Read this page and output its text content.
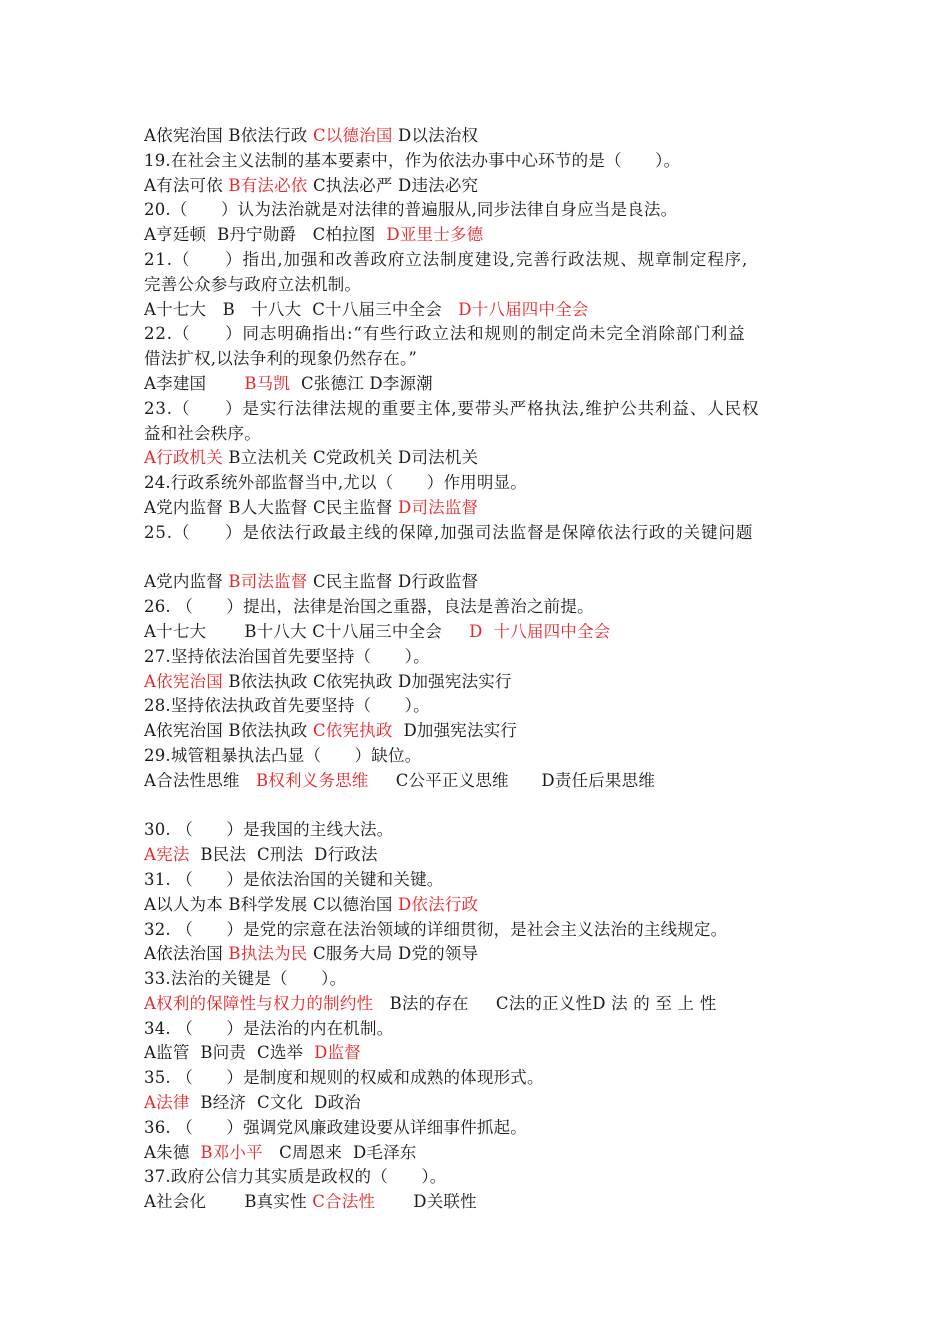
A依宪治国 B依法行政 C以德治国 D以法治权
19.在社会主义法制的基本要素中，作为依法办事中心环节的是（　　）。
A有法可依 B有法必依 C执法必严 D违法必究
20.（　　）认为法治就是对法律的普遍服从,同步法律自身应当是良法。
A亨廷顿  B丹宁勋爵   C柏拉图  D亚里士多德
21.（　　）指出,加强和改善政府立法制度建设,完善行政法规、规章制定程序,
完善公众参与政府立法机制。
A十七大   B   十八大  C十八届三中全会   D十八届四中全会
22.（　　）同志明确指出:“有些行政立法和规则的制定尚未完全消除部门利益
借法扩权,以法争利的现象仍然存在。”
A李建国       B马凯  C张德江 D李源潮
23.（　　）是实行法律法规的重要主体,要带头严格执法,维护公共利益、人民权
益和社会秩序。
A行政机关 B立法机关 C党政机关 D司法机关
24.行政系统外部监督当中,尤以（　　）作用明显。
A党内监督 B人大监督 C民主监督 D司法监督
25.（　　）是依法行政最主线的保障,加强司法监督是保障依法行政的关键问题
A党内监督 B司法监督 C民主监督 D行政监督
26. （　　）提出，法律是治国之重器，良法是善治之前提。
A十七大       B十八大 C十八届三中全会     D  十八届四中全会
27.坚持依法治国首先要坚持（　　）。
A依宪治国 B依法执政 C依宪执政 D加强宪法实行
28.坚持依法执政首先要坚持（　　）。
A依宪治国 B依法执政 C依宪执政  D加强宪法实行
29.城管粗暴执法凸显（　　）缺位。
A合法性思维   B权利义务思维     C公平正义思维      D责任后果思维
30. （　　）是我国的主线大法。
A宪法  B民法  C刑法  D行政法
31. （　　）是依法治国的关键和关键。
A以人为本 B科学发展 C以德治国 D依法行政
32. （　　）是党的宗意在法治领域的详细贯彻，是社会主义法治的主线规定。
A依法治国 B执法为民 C服务大局 D党的领导
33.法治的关键是（　　）。
A权利的保障性与权力的制约性   B法的存在     C法的正义性D 法 的 至 上 性
34. （　　）是法治的内在机制。
A监管  B问责  C选举  D监督
35. （　　）是制度和规则的权威和成熟的体现形式。
A法律  B经济  C文化  D政治
36. （　　）强调党风廉政建设要从详细事件抓起。
A朱德  B邓小平   C周恩来  D毛泽东
37.政府公信力其实质是政权的（　　）。
A社会化       B真实性 C合法性       D关联性
